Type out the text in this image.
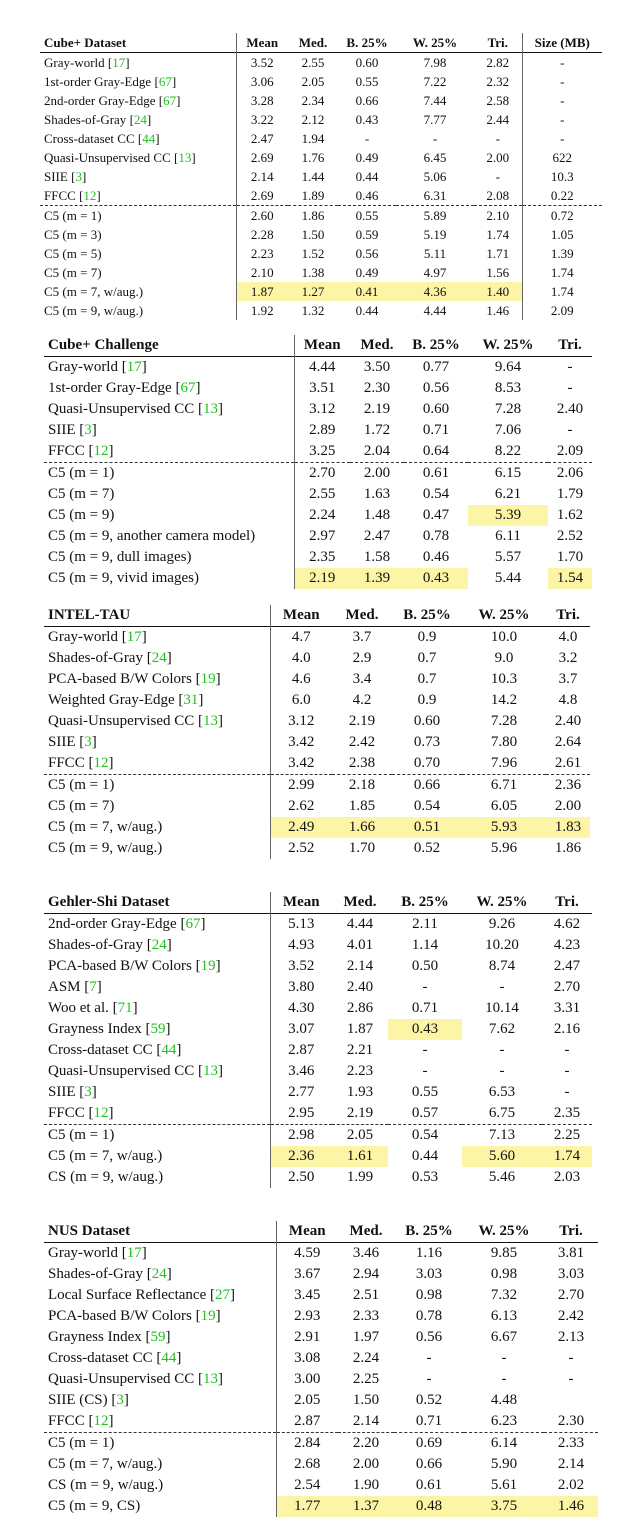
Cube+ Dataset	Mean	Med.	B. 25%	W. 25%	Tri.	Size (MB)
Gray-world [17]	3.52	2.55	0.60	7.98	2.82	-
1st-order Gray-Edge [67]	3.06	2.05	0.55	7.22	2.32	-
2nd-order Gray-Edge [67]	3.28	2.34	0.66	7.44	2.58	-
Shades-of-Gray [24]	3.22	2.12	0.43	7.77	2.44	-
Cross-dataset CC [44]	2.47	1.94	-	-	-	-
Quasi-Unsupervised CC [13]	2.69	1.76	0.49	6.45	2.00	622
SIIE [3]	2.14	1.44	0.44	5.06	-	10.3
FFCC [12]	2.69	1.89	0.46	6.31	2.08	0.22
C5 (m = 1)	2.60	1.86	0.55	5.89	2.10	0.72
C5 (m = 3)	2.28	1.50	0.59	5.19	1.74	1.05
C5 (m = 5)	2.23	1.52	0.56	5.11	1.71	1.39
C5 (m = 7)	2.10	1.38	0.49	4.97	1.56	1.74
C5 (m = 7, w/aug.)	1.87	1.27	0.41	4.36	1.40	1.74
C5 (m = 9, w/aug.)	1.92	1.32	0.44	4.44	1.46	2.09
Cube+ Challenge	Mean	Med.	B. 25%	W. 25%	Tri.
Gray-world [17]	4.44	3.50	0.77	9.64	-
1st-order Gray-Edge [67]	3.51	2.30	0.56	8.53	-
Quasi-Unsupervised CC [13]	3.12	2.19	0.60	7.28	2.40
SIIE [3]	2.89	1.72	0.71	7.06	-
FFCC [12]	3.25	2.04	0.64	8.22	2.09
C5 (m = 1)	2.70	2.00	0.61	6.15	2.06
C5 (m = 7)	2.55	1.63	0.54	6.21	1.79
C5 (m = 9)	2.24	1.48	0.47	5.39	1.62
C5 (m = 9, another camera model)	2.97	2.47	0.78	6.11	2.52
C5 (m = 9, dull images)	2.35	1.58	0.46	5.57	1.70
C5 (m = 9, vivid images)	2.19	1.39	0.43	5.44	1.54
INTEL-TAU	Mean	Med.	B. 25%	W. 25%	Tri.
Gray-world [17]	4.7	3.7	0.9	10.0	4.0
Shades-of-Gray [24]	4.0	2.9	0.7	9.0	3.2
PCA-based B/W Colors [19]	4.6	3.4	0.7	10.3	3.7
Weighted Gray-Edge [31]	6.0	4.2	0.9	14.2	4.8
Quasi-Unsupervised CC [13]	3.12	2.19	0.60	7.28	2.40
SIIE [3]	3.42	2.42	0.73	7.80	2.64
FFCC [12]	3.42	2.38	0.70	7.96	2.61
C5 (m = 1)	2.99	2.18	0.66	6.71	2.36
C5 (m = 7)	2.62	1.85	0.54	6.05	2.00
C5 (m = 7, w/aug.)	2.49	1.66	0.51	5.93	1.83
C5 (m = 9, w/aug.)	2.52	1.70	0.52	5.96	1.86
Gehler-Shi Dataset	Mean	Med.	B. 25%	W. 25%	Tri.
2nd-order Gray-Edge [67]	5.13	4.44	2.11	9.26	4.62
Shades-of-Gray [24]	4.93	4.01	1.14	10.20	4.23
PCA-based B/W Colors [19]	3.52	2.14	0.50	8.74	2.47
ASM [7]	3.80	2.40	-	-	2.70
Woo et al. [71]	4.30	2.86	0.71	10.14	3.31
Grayness Index [59]	3.07	1.87	0.43	7.62	2.16
Cross-dataset CC [44]	2.87	2.21	-	-	-
Quasi-Unsupervised CC [13]	3.46	2.23	-	-	-
SIIE [3]	2.77	1.93	0.55	6.53	-
FFCC [12]	2.95	2.19	0.57	6.75	2.35
C5 (m = 1)	2.98	2.05	0.54	7.13	2.25
C5 (m = 7, w/aug.)	2.36	1.61	0.44	5.60	1.74
CS (m = 9, w/aug.)	2.50	1.99	0.53	5.46	2.03
NUS Dataset	Mean	Med.	B. 25%	W. 25%	Tri.
Gray-world [17]	4.59	3.46	1.16	9.85	3.81
Shades-of-Gray [24]	3.67	2.94	3.03	0.98	3.03
Local Surface Reflectance [27]	3.45	2.51	0.98	7.32	2.70
PCA-based B/W Colors [19]	2.93	2.33	0.78	6.13	2.42
Grayness Index [59]	2.91	1.97	0.56	6.67	2.13
Cross-dataset CC [44]	3.08	2.24	-	-	-
Quasi-Unsupervised CC [13]	3.00	2.25	-	-	-
SIIE (CS) [3]	2.05	1.50	0.52	4.48	
FFCC [12]	2.87	2.14	0.71	6.23	2.30
C5 (m = 1)	2.84	2.20	0.69	6.14	2.33
C5 (m = 7, w/aug.)	2.68	2.00	0.66	5.90	2.14
CS (m = 9, w/aug.)	2.54	1.90	0.61	5.61	2.02
C5 (m = 9, CS)	1.77	1.37	0.48	3.75	1.46
